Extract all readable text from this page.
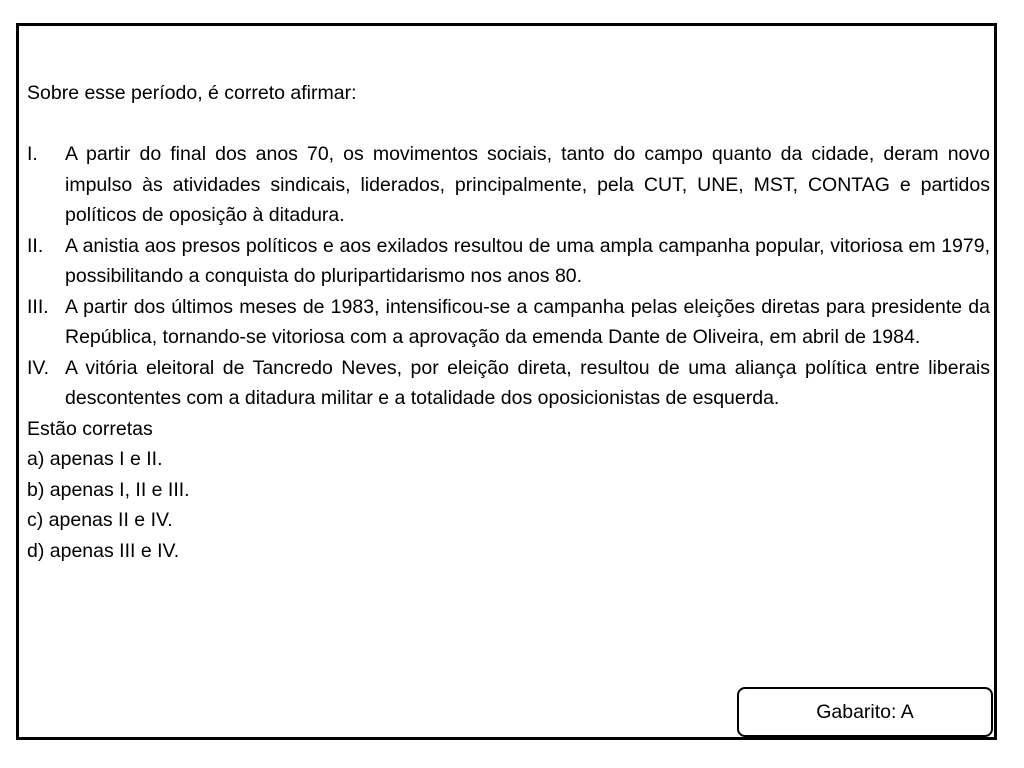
Sobre esse período, é correto afirmar:

I.	A partir do final dos anos 70, os movimentos sociais, tanto do campo quanto da cidade, deram novo impulso às atividades sindicais, liderados, principalmente, pela CUT, UNE, MST, CONTAG e partidos políticos de oposição à ditadura.
II.	A anistia aos presos políticos e aos exilados resultou de uma ampla campanha popular, vitoriosa em 1979, possibilitando a conquista do pluripartidarismo nos anos 80.
III. A partir dos últimos meses de 1983, intensificou-se a campanha pelas eleições diretas para presidente da República, tornando-se vitoriosa com a aprovação da emenda Dante de Oliveira, em abril de 1984.
IV. A vitória eleitoral de Tancredo Neves, por eleição direta, resultou de uma aliança política entre liberais descontentes com a ditadura militar e a totalidade dos oposicionistas de esquerda.

Estão corretas

a) apenas I e II.
b) apenas I, II e III.
c) apenas II e IV.
d) apenas III e IV.
Gabarito: A
